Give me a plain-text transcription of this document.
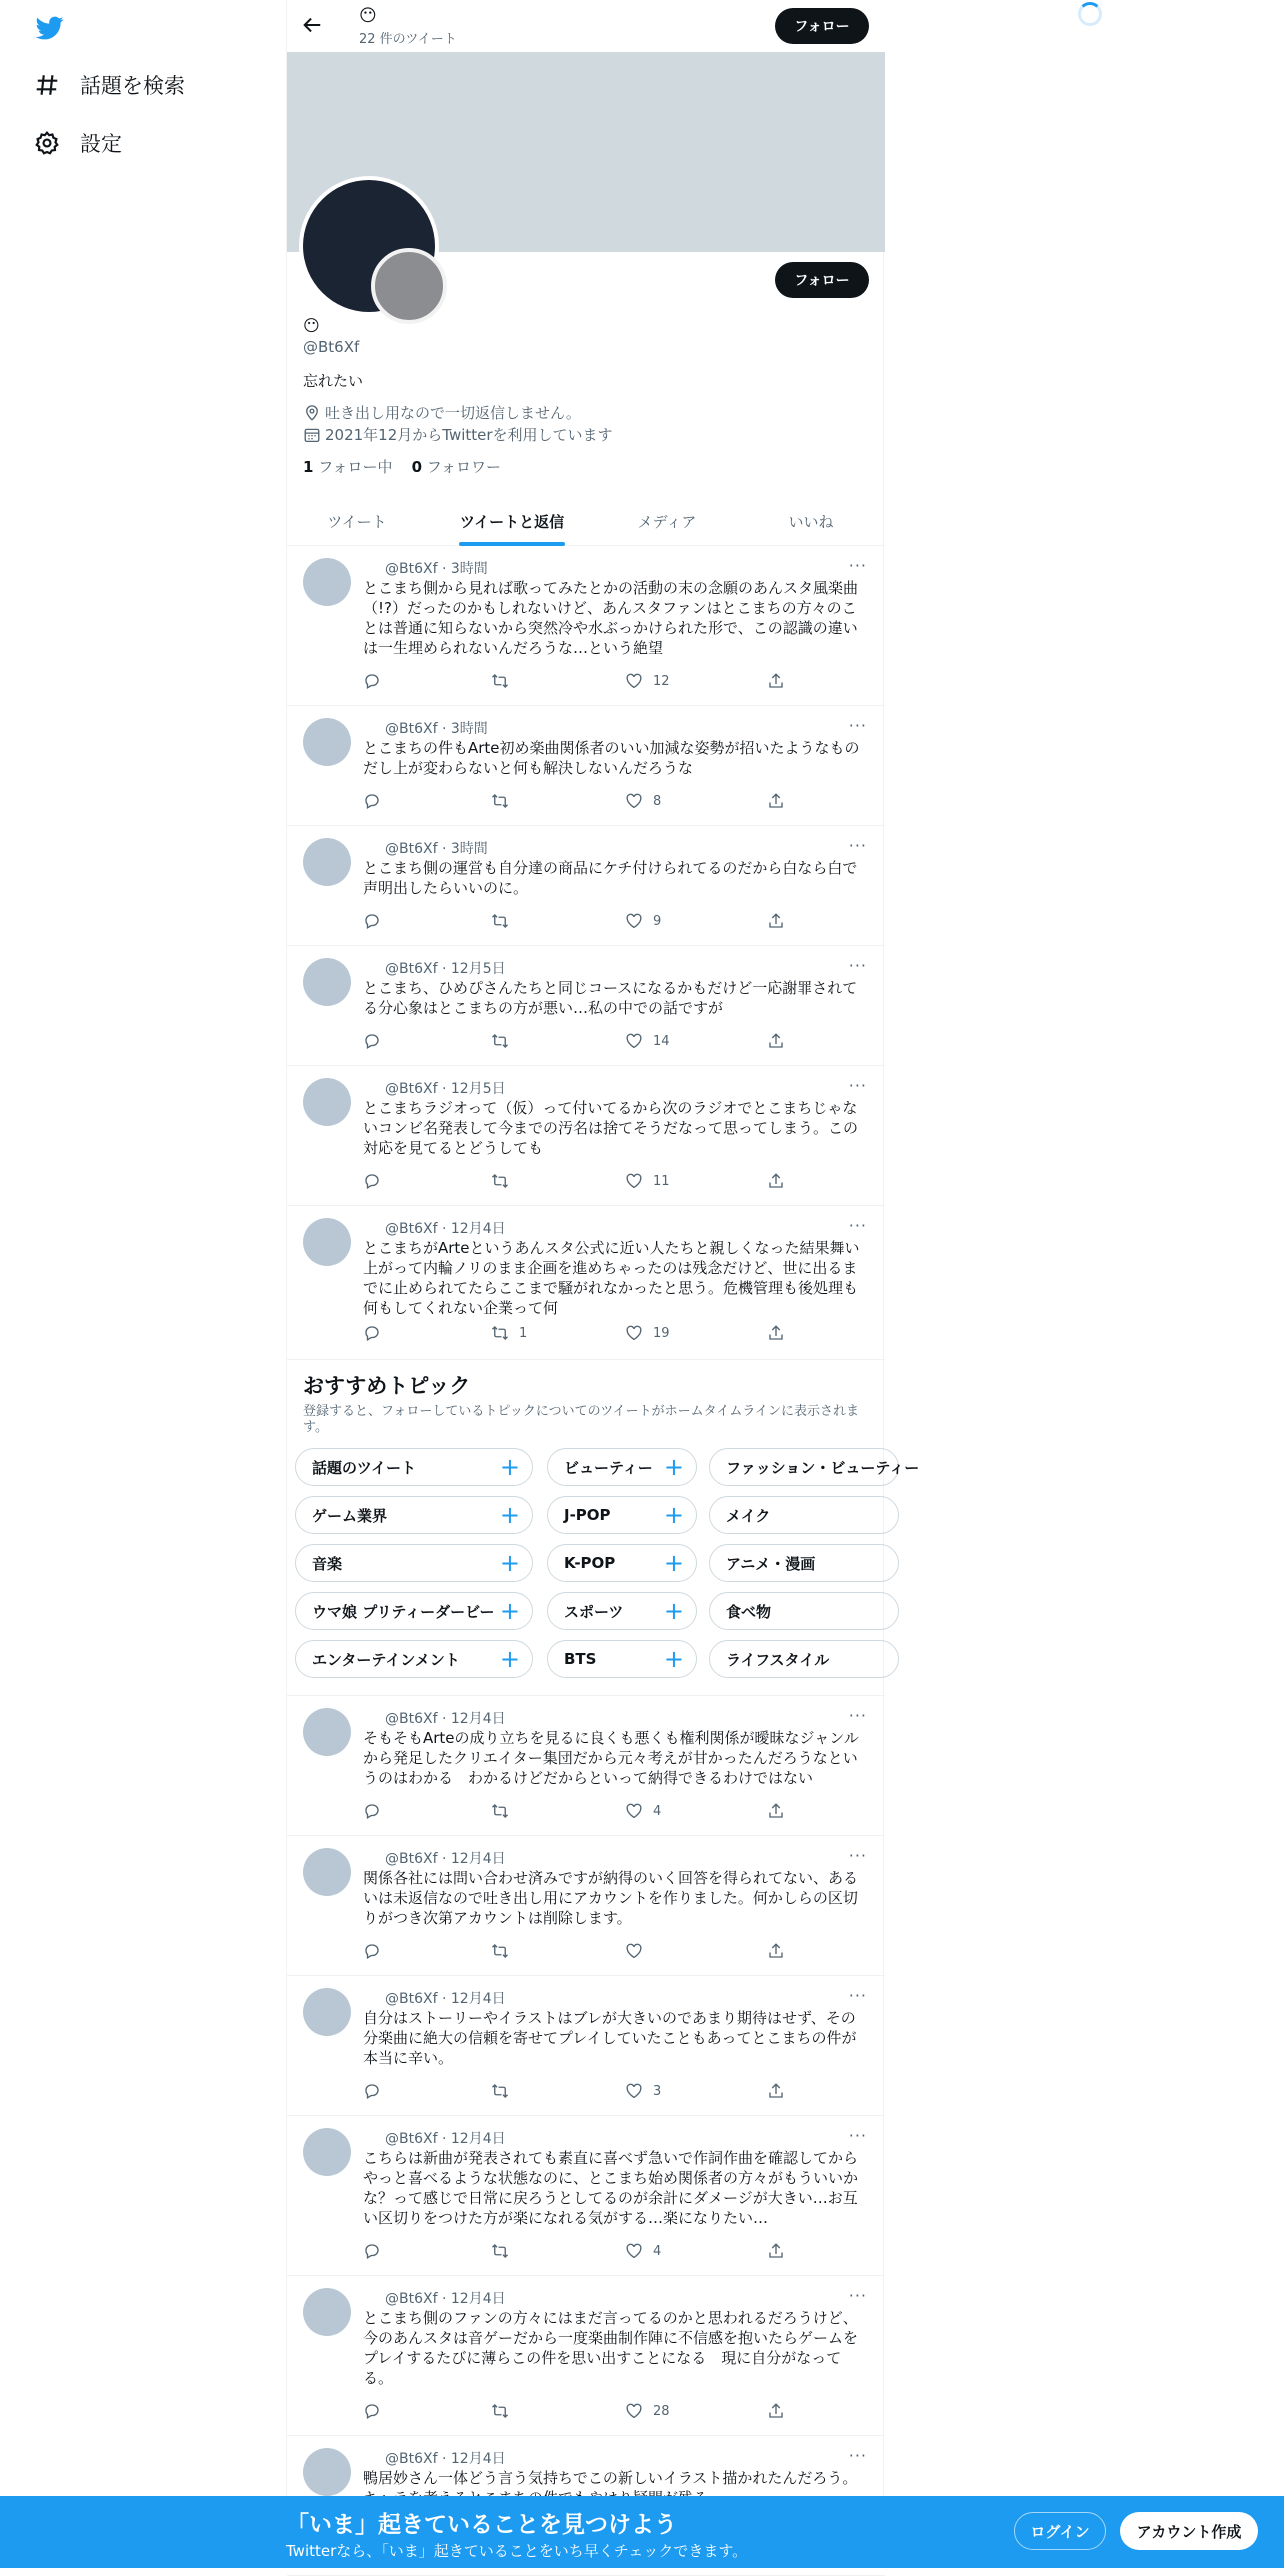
話題を検索
設定
😶
22 件のツイート
フォロー
フォロー
😶
@Bt6Xf
忘れたい
吐き出し用なので一切返信しません。
2021年12月からTwitterを利用しています
1 フォロー中 0 フォロワー
ツイート	ツイートと返信	メディア	いいね
@Bt6Xf · 3時間	···
とこまち側から見れば歌ってみたとかの活動の末の念願のあんスタ風楽曲（!?）だったのかもしれないけど、あんスタファンはとこまちの方々のことは普通に知らないから突然冷や水ぶっかけられた形で、この認識の違いは一生埋められないんだろうな…という絶望
12
@Bt6Xf · 3時間	···
とこまちの件もArte初め楽曲関係者のいい加減な姿勢が招いたようなものだし上が変わらないと何も解決しないんだろうな
8
@Bt6Xf · 3時間	···
とこまち側の運営も自分達の商品にケチ付けられてるのだから白なら白で声明出したらいいのに。
9
@Bt6Xf · 12月5日	···
とこまち、ひめぴさんたちと同じコースになるかもだけど一応謝罪されてる分心象はとこまちの方が悪い…私の中での話ですが
14
@Bt6Xf · 12月5日	···
とこまちラジオって（仮）って付いてるから次のラジオでとこまちじゃないコンビ名発表して今までの汚名は捨てそうだなって思ってしまう。この対応を見てるとどうしても
11
@Bt6Xf · 12月4日	···
とこまちがArteというあんスタ公式に近い人たちと親しくなった結果舞い上がって内輪ノリのまま企画を進めちゃったのは残念だけど、世に出るまでに止められてたらここまで騒がれなかったと思う。危機管理も後処理も何もしてくれない企業って何
1	19
@Bt6Xf · 12月4日	···
そもそもArteの成り立ちを見るに良くも悪くも権利関係が曖昧なジャンルから発足したクリエイター集団だから元々考えが甘かったんだろうなというのはわかる　わかるけどだからといって納得できるわけではない
4
@Bt6Xf · 12月4日	···
関係各社には問い合わせ済みですが納得のいく回答を得られてない、あるいは未返信なので吐き出し用にアカウントを作りました。何かしらの区切りがつき次第アカウントは削除します。
@Bt6Xf · 12月4日	···
自分はストーリーやイラストはブレが大きいのであまり期待はせず、その分楽曲に絶大の信頼を寄せてプレイしていたこともあってとこまちの件が本当に辛い。
3
@Bt6Xf · 12月4日	···
こちらは新曲が発表されても素直に喜べず急いで作詞作曲を確認してからやっと喜べるような状態なのに、とこまち始め関係者の方々がもういいかな？って感じで日常に戻ろうとしてるのが余計にダメージが大きい…お互い区切りをつけた方が楽になれる気がする…楽になりたい…
4
@Bt6Xf · 12月4日	···
とこまち側のファンの方々にはまだ言ってるのかと思われるだろうけど、今のあんスタは音ゲーだから一度楽曲制作陣に不信感を抱いたらゲームをプレイするたびに薄らこの件を思い出すことになる　現に自分がなってる。
28
@Bt6Xf · 12月4日	···
鴨居妙さん一体どう言う気持ちでこの新しいイラスト描かれたんだろう。
おすすめトピック
登録すると、フォローしているトピックについてのツイートがホームタイムラインに表示されます。
話題のツイート	+	ビューティー +	ファッション・ビューティー
ゲーム業界	+	J-POP +	メイク
音楽	+	K-POP +	アニメ・漫画
ウマ娘 プリティーダービー +	スポーツ +	食べ物
エンターテインメント +	BTS	+	ライフスタイル
「いま」起きていることを見つけよう
Twitterなら、「いま」起きていることをいち早くチェックできます。
ログイン	アカウント作成
